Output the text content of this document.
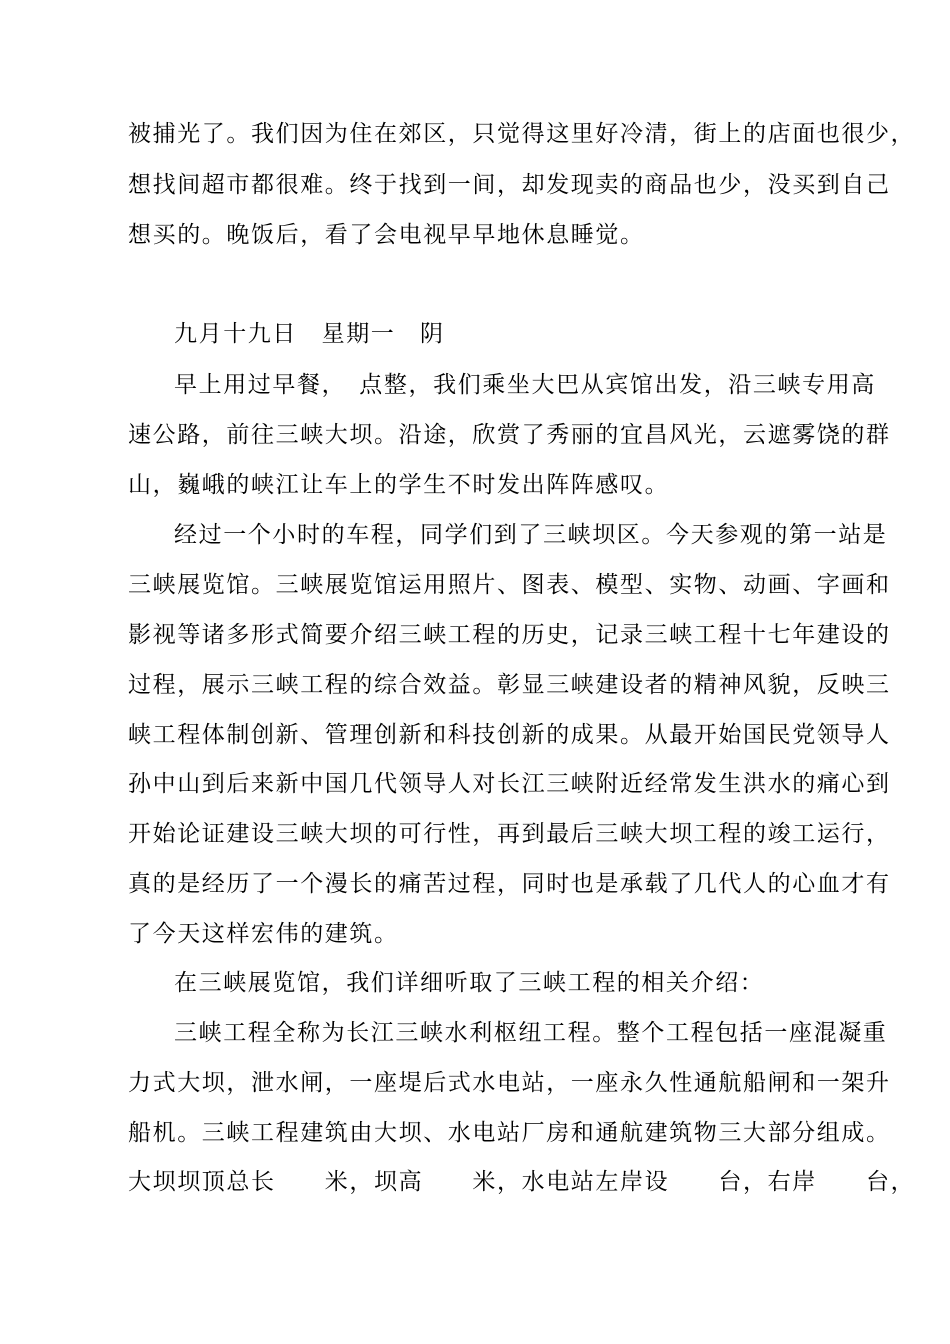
被捕光了。我们因为住在郊区，只觉得这里好冷清，街上的店面也很少，
想找间超市都很难。终于找到一间，却发现卖的商品也少，没买到自己
想买的。晚饭后，看了会电视早早地休息睡觉。
九月十九日　星期一　阴
早上用过早餐，　点整，我们乘坐大巴从宾馆出发，沿三峡专用高
速公路，前往三峡大坝。沿途，欣赏了秀丽的宜昌风光，云遮雾饶的群
山，巍峨的峡江让车上的学生不时发出阵阵感叹。
经过一个小时的车程，同学们到了三峡坝区。今天参观的第一站是
三峡展览馆。三峡展览馆运用照片、图表、模型、实物、动画、字画和
影视等诸多形式简要介绍三峡工程的历史，记录三峡工程十七年建设的
过程，展示三峡工程的综合效益。彰显三峡建设者的精神风貌，反映三
峡工程体制创新、管理创新和科技创新的成果。从最开始国民党领导人
孙中山到后来新中国几代领导人对长江三峡附近经常发生洪水的痛心到
开始论证建设三峡大坝的可行性，再到最后三峡大坝工程的竣工运行，
真的是经历了一个漫长的痛苦过程，同时也是承载了几代人的心血才有
了今天这样宏伟的建筑。
在三峡展览馆，我们详细听取了三峡工程的相关介绍：
三峡工程全称为长江三峡水利枢纽工程。整个工程包括一座混凝重
力式大坝，泄水闸，一座堤后式水电站，一座永久性通航船闸和一架升
船机。三峡工程建筑由大坝、水电站厂房和通航建筑物三大部分组成。
大坝坝顶总长　　米，坝高　　米，水电站左岸设　　台，右岸　　台，
